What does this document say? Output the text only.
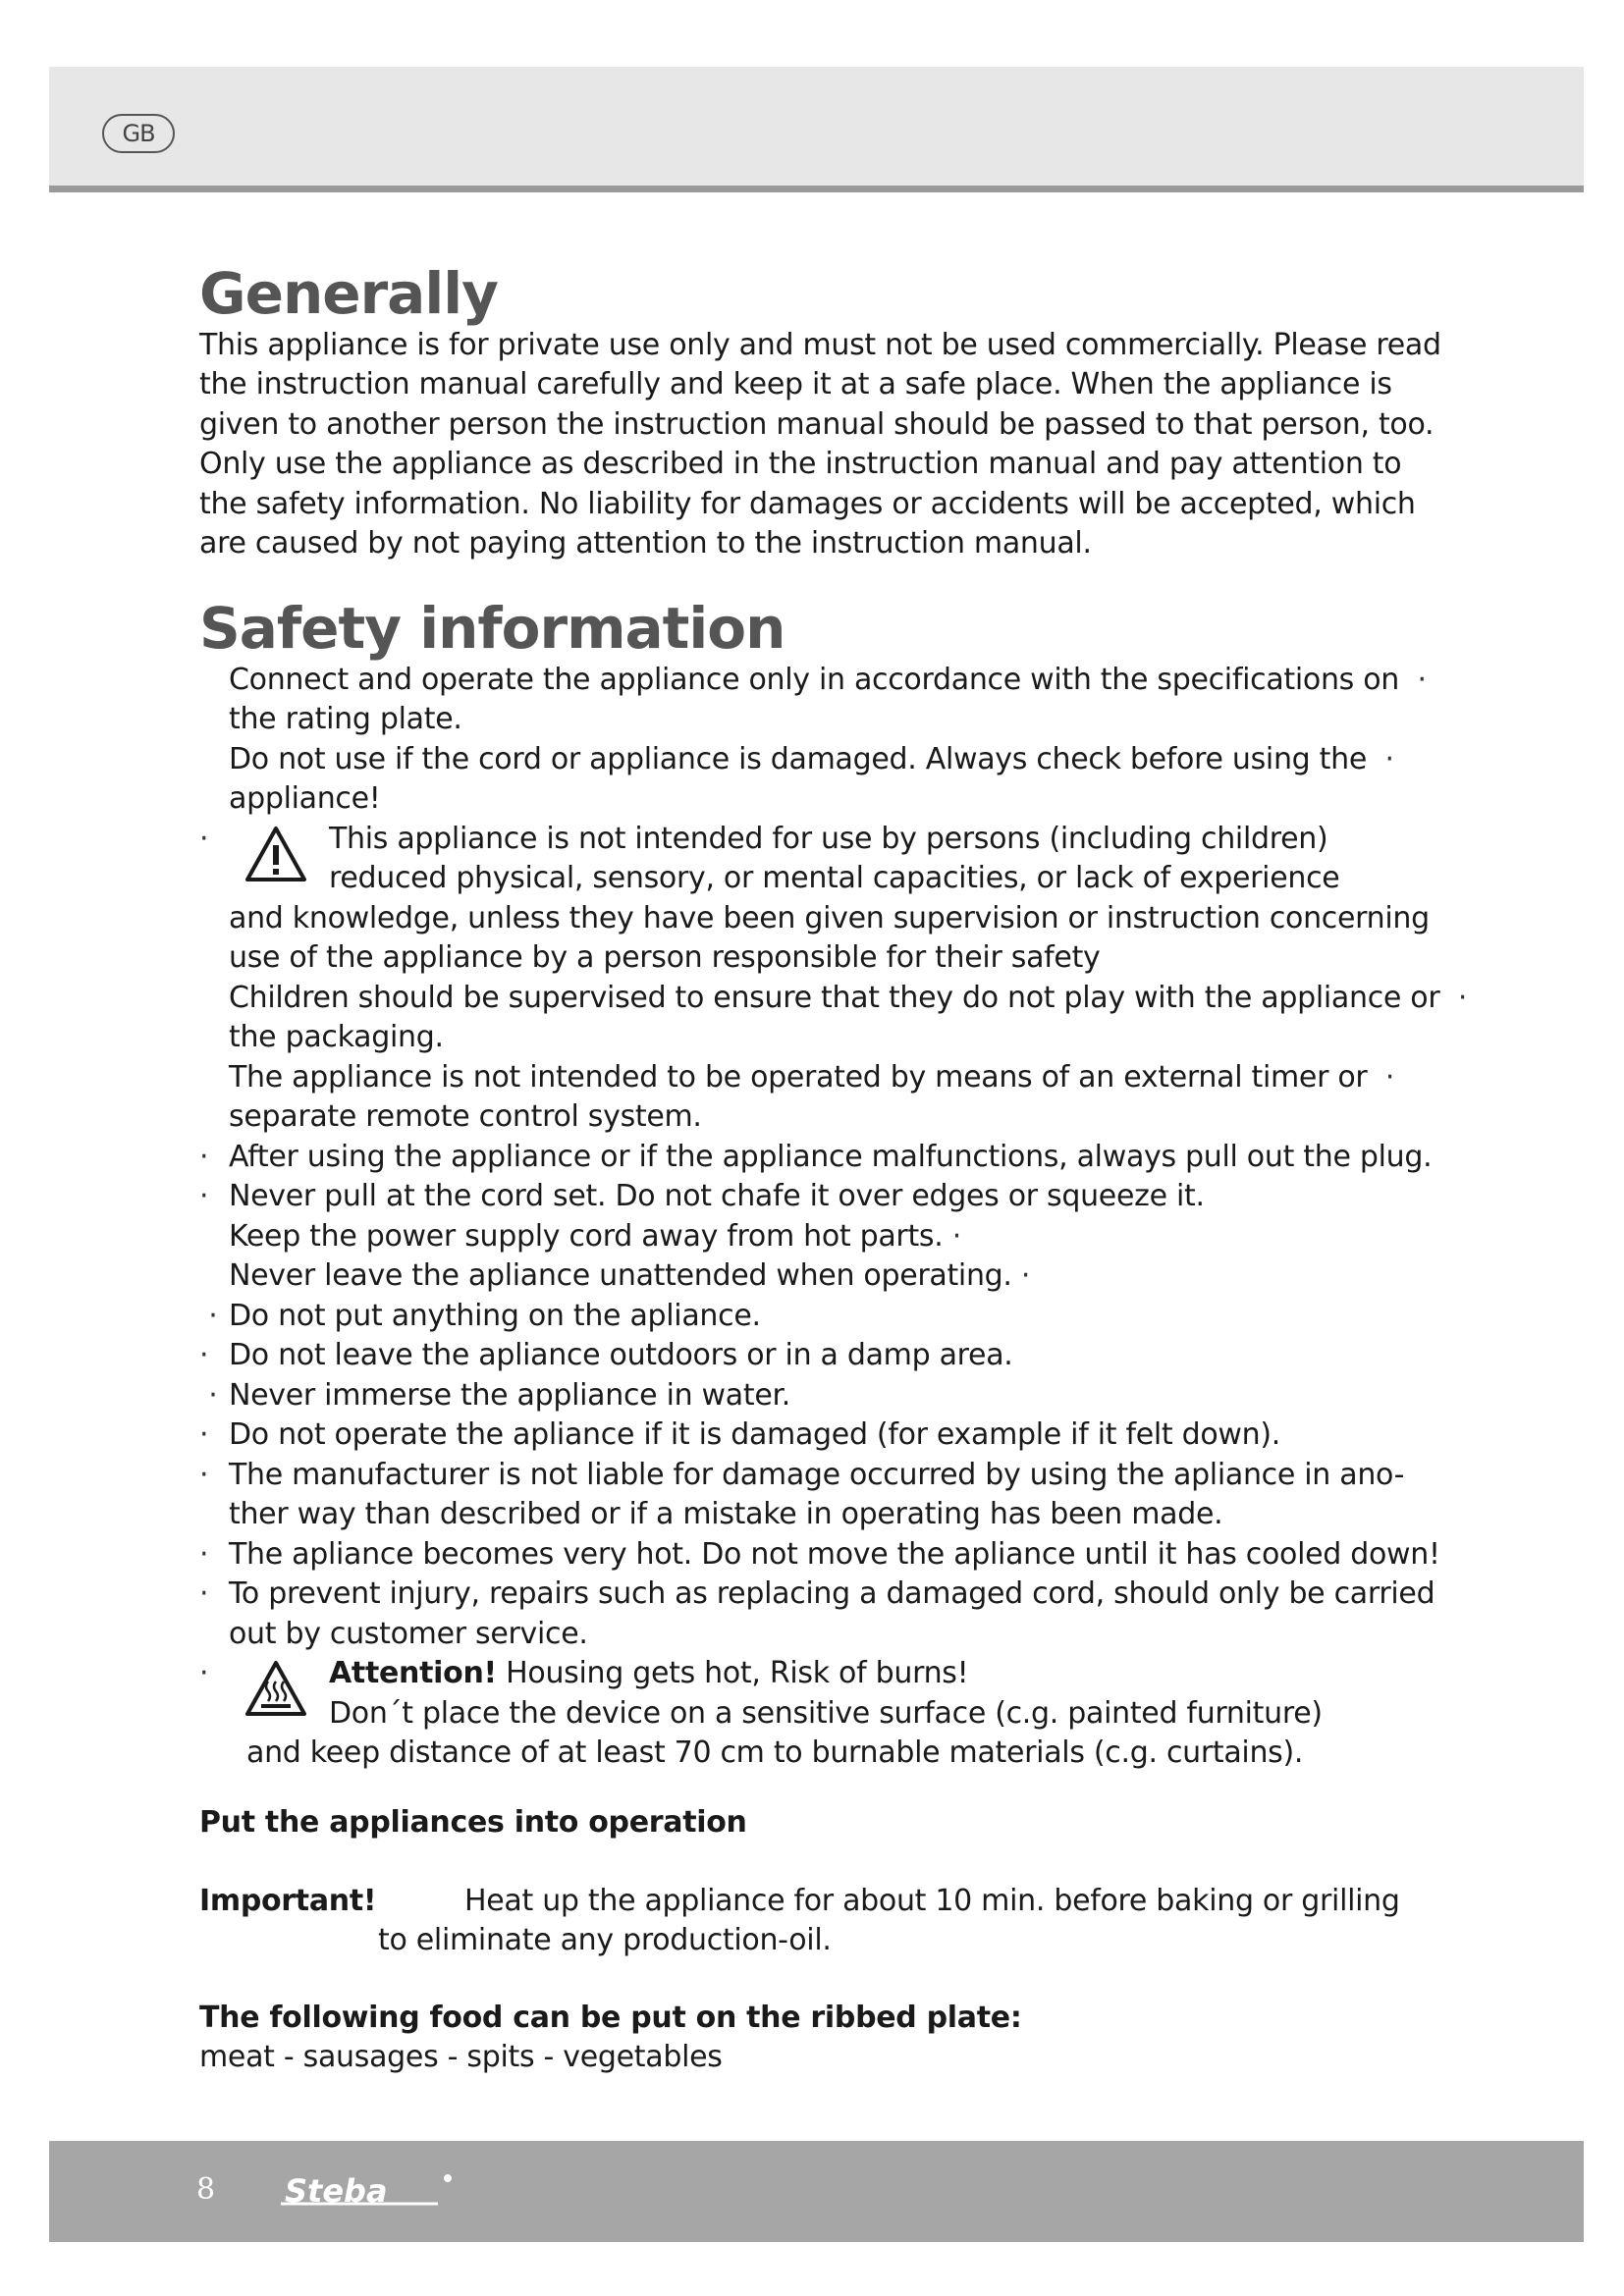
GB
Generally

This appliance is for private use only and must not be used commercially. Please read
the instruction manual carefully and keep it at a safe place. When the appliance is
given to another person the instruction manual should be passed to that person, too.
Only use the appliance as described in the instruction manual and pay attention to
the safety information. No liability for damages or accidents will be accepted, which
are caused by not paying attention to the instruction manual.

Safety information
Connect and operate the appliance only in accordance with the specifications on  ·
the rating plate.
Do not use if the cord or appliance is damaged. Always check before using the  ·
appliance!
·	This appliance is not intended for use by persons (including children)
reduced physical, sensory, or mental capacities, or lack of experience
and knowledge, unless they have been given supervision or instruction concerning
use of the appliance by a person responsible for their safety
Children should be supervised to ensure that they do not play with the appliance or  ·
the packaging.
The appliance is not intended to be operated by means of an external timer or  ·
separate remote control system.
· After using the appliance or if the appliance malfunctions, always pull out the plug.
· Never pull at the cord set. Do not chafe it over edges or squeeze it.
Keep the power supply cord away from hot parts. ·
Never leave the apliance unattended when operating. ·
· Do not put anything on the apliance.
· Do not leave the apliance outdoors or in a damp area.
· Never immerse the appliance in water.
· Do not operate the apliance if it is damaged (for example if it felt down).
· The manufacturer is not liable for damage occurred by using the apliance in ano-
ther way than described or if a mistake in operating has been made.
· The apliance becomes very hot. Do not move the apliance until it has cooled down!
· To prevent injury, repairs such as replacing a damaged cord, should only be carried
out by customer service.
·	Attention! Housing gets hot, Risk of burns!
Don´t place the device on a sensitive surface (c.g. painted furniture)
and keep distance of at least 70 cm to burnable materials (c.g. curtains).
Put the appliances into operation
Important!	Heat up the appliance for about 10 min. before baking or grilling
to eliminate any production-oil.
The following food can be put on the ribbed plate:
meat - sausages - spits - vegetables
8 Steba
